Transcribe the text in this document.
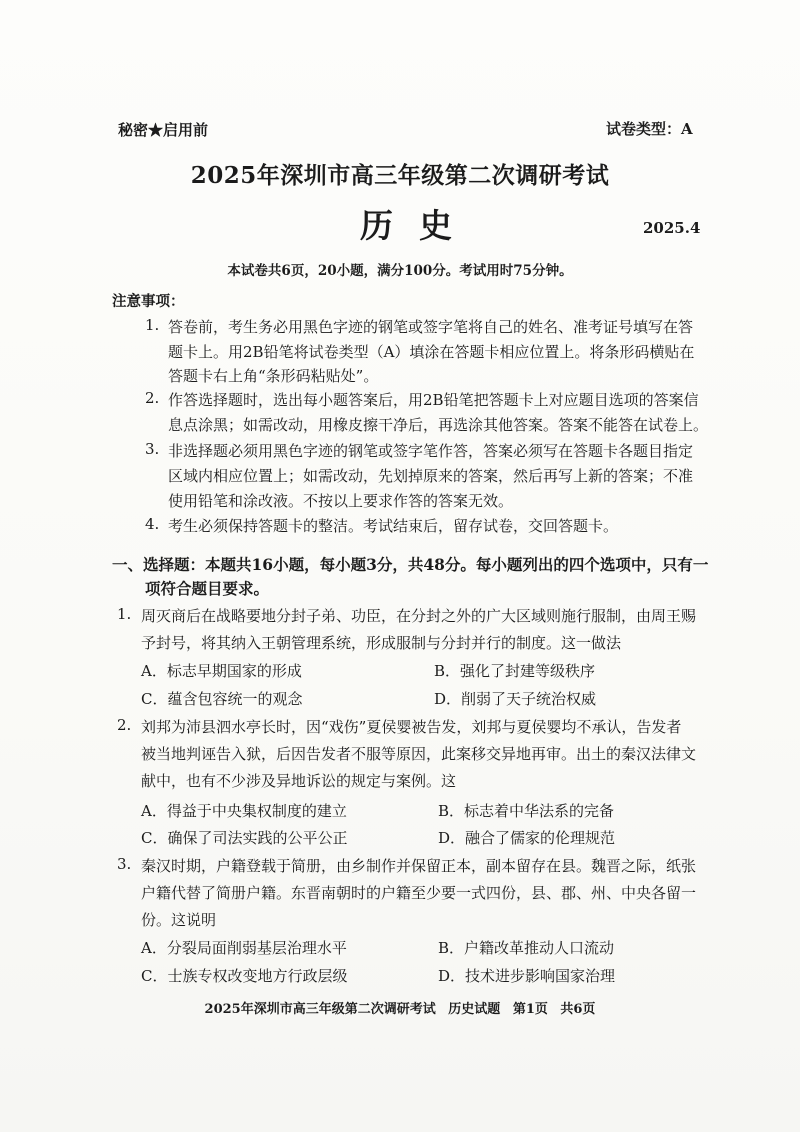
秘密★启用前	试卷类型：A
2025年深圳市高三年级第二次调研考试
历史	2025.4
本试卷共6页，20小题，满分100分。考试用时75分钟。
注意事项：
1. 答卷前，考生务必用黑色字迹的钢笔或签字笔将自己的姓名、准考证号填写在答
题卡上。用2B铅笔将试卷类型（A）填涂在答题卡相应位置上。将条形码横贴在
答题卡右上角“条形码粘贴处”。
2. 作答选择题时，选出每小题答案后，用2B铅笔把答题卡上对应题目选项的答案信
息点涂黑；如需改动，用橡皮擦干净后，再选涂其他答案。答案不能答在试卷上。
3. 非选择题必须用黑色字迹的钢笔或签字笔作答，答案必须写在答题卡各题目指定
区域内相应位置上；如需改动，先划掉原来的答案，然后再写上新的答案；不准
使用铅笔和涂改液。不按以上要求作答的答案无效。
4. 考生必须保持答题卡的整洁。考试结束后，留存试卷，交回答题卡。
一、选择题：本题共16小题，每小题3分，共48分。每小题列出的四个选项中，只有一
项符合题目要求。
1. 周灭商后在战略要地分封子弟、功臣，在分封之外的广大区域则施行服制，由周王赐
予封号，将其纳入王朝管理系统，形成服制与分封并行的制度。这一做法
A．标志早期国家的形成	B．强化了封建等级秩序
C．蕴含包容统一的观念	D．削弱了天子统治权威
2. 刘邦为沛县泗水亭长时，因“戏伤”夏侯婴被告发，刘邦与夏侯婴均不承认，告发者
被当地判诬告入狱，后因告发者不服等原因，此案移交异地再审。出土的秦汉法律文
献中，也有不少涉及异地诉讼的规定与案例。这
A．得益于中央集权制度的建立	B．标志着中华法系的完备
C．确保了司法实践的公平公正	D．融合了儒家的伦理规范
3. 秦汉时期，户籍登载于简册，由乡制作并保留正本，副本留存在县。魏晋之际，纸张
户籍代替了简册户籍。东晋南朝时的户籍至少要一式四份，县、郡、州、中央各留一
份。这说明
A．分裂局面削弱基层治理水平	B．户籍改革推动人口流动
C．士族专权改变地方行政层级	D．技术进步影响国家治理
2025年深圳市高三年级第二次调研考试 历史试题 第1页 共6页
